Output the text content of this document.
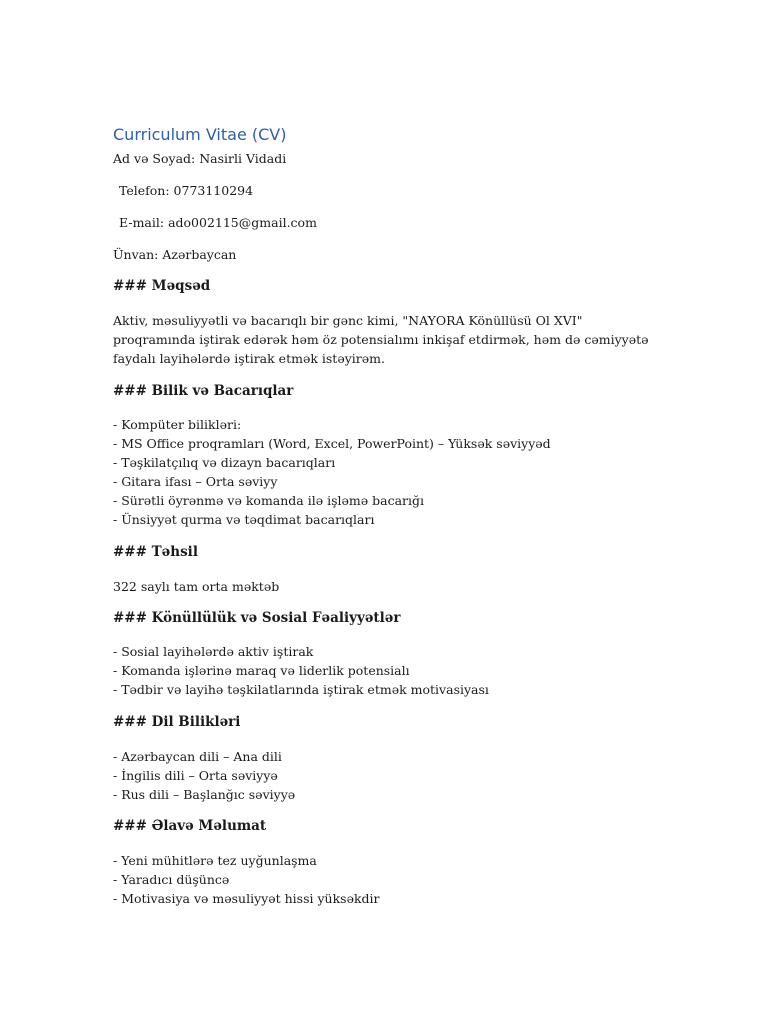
Curriculum Vitae (CV)
Ad və Soyad: Nasirli Vidadi
Telefon: 0773110294
E-mail: ado002115@gmail.com
Ünvan: Azərbaycan
### Məqsəd
Aktiv, məsuliyyətli və bacarıqlı bir gənc kimi, "NAYORA Könüllüsü Ol XVI" proqramında iştirak edərək həm öz potensialımı inkişaf etdirmək, həm də cəmiyyətə faydalı layihələrdə iştirak etmək istəyirəm.
### Bilik və Bacarıqlar
- Kompüter bilikləri:
- MS Office proqramları (Word, Excel, PowerPoint) – Yüksək səviyyəd
- Təşkilatçılıq və dizayn bacarıqları
- Gitara ifası – Orta səviyy
- Sürətli öyrənmə və komanda ilə işləmə bacarığı
- Ünsiyyət qurma və təqdimat bacarıqları
### Təhsil
322 saylı tam orta məktəb
### Könüllülük və Sosial Fəaliyyətlər
- Sosial layihələrdə aktiv iştirak
- Komanda işlərinə maraq və liderlik potensialı
- Tədbir və layihə təşkilatlarında iştirak etmək motivasiyası
### Dil Bilikləri
- Azərbaycan dili – Ana dili
- İngilis dili – Orta səviyyə
- Rus dili – Başlanğıc səviyyə
### Əlavə Məlumat
- Yeni mühitlərə tez uyğunlaşma
- Yaradıcı düşüncə
- Motivasiya və məsuliyyət hissi yüksəkdir
